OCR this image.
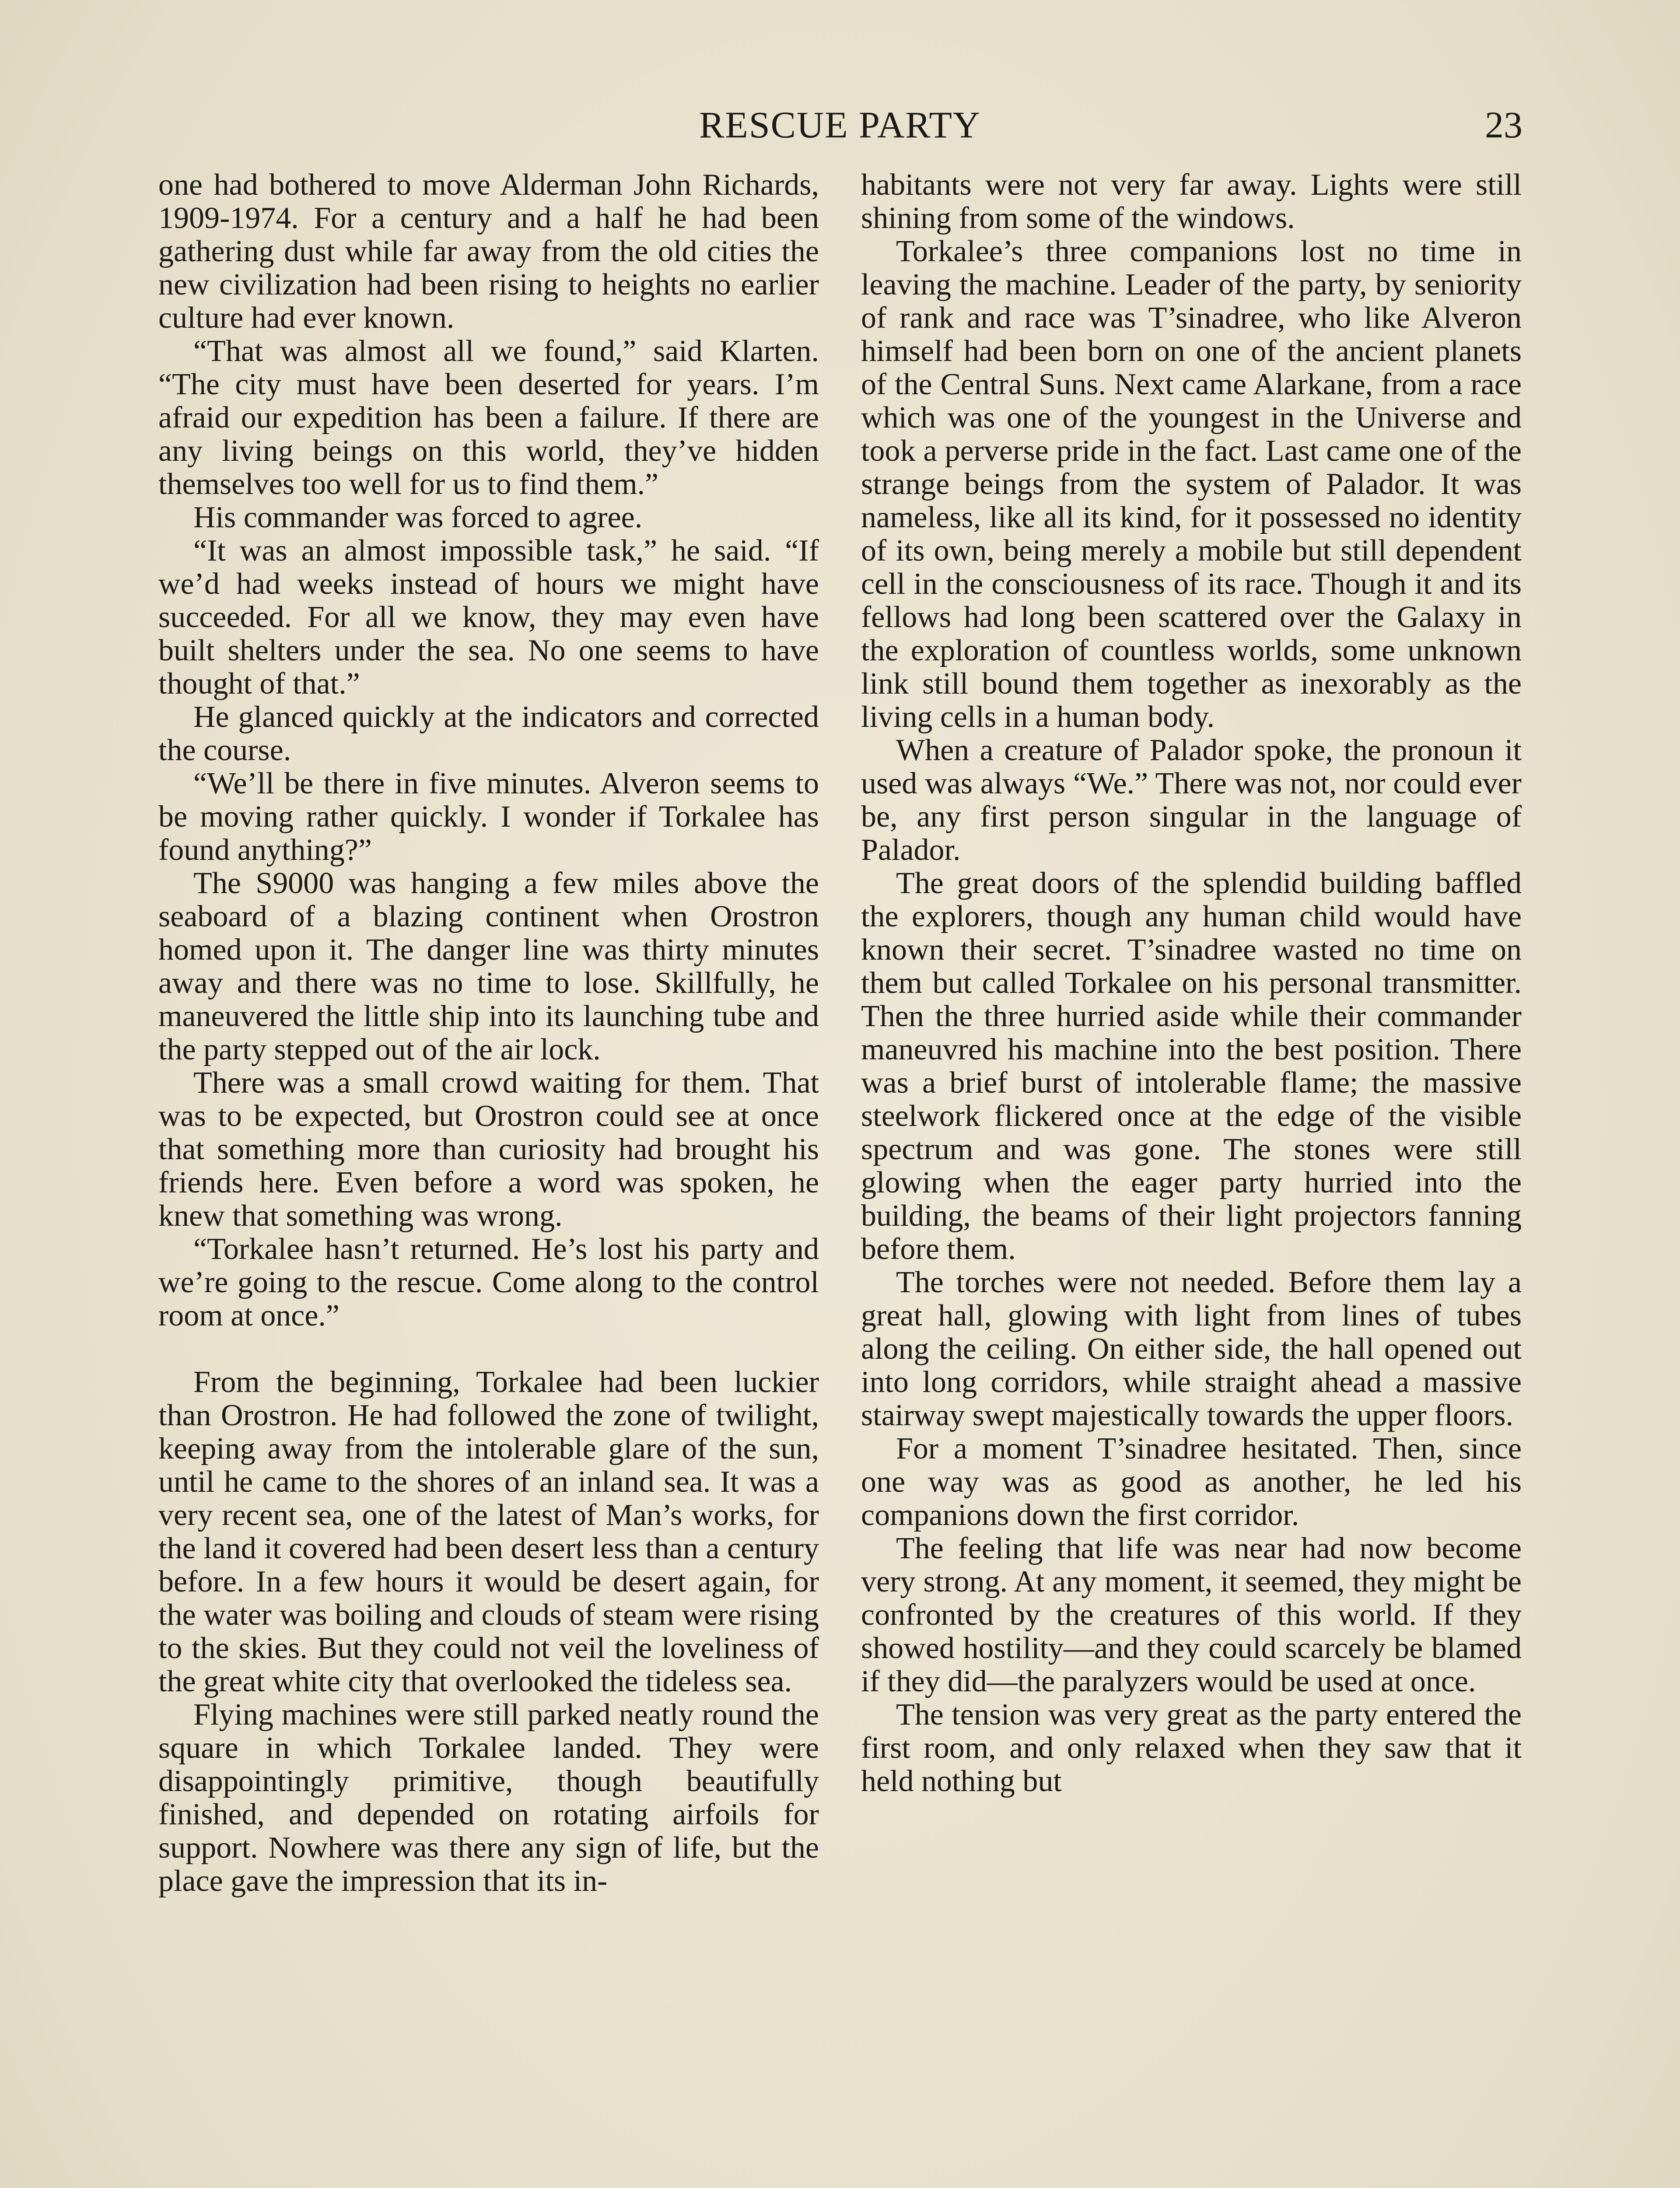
RESCUE PARTY	23

one had bothered to move Alderman John Richards, 1909-1974. For a century and a half he had been gathering dust while far away from the old cities the new civilization had been rising to heights no earlier culture had ever known.

“That was almost all we found,” said Klarten. “The city must have been deserted for years. I’m afraid our expedition has been a failure. If there are any living beings on this world, they’ve hidden themselves too well for us to find them.”

His commander was forced to agree.

“It was an almost impossible task,” he said. “If we’d had weeks instead of hours we might have succeeded. For all we know, they may even have built shelters under the sea. No one seems to have thought of that.”

He glanced quickly at the indicators and corrected the course.

“We’ll be there in five minutes. Alveron seems to be moving rather quickly. I wonder if Torkalee has found anything?”

The S9000 was hanging a few miles above the seaboard of a blazing continent when Orostron homed upon it. The danger line was thirty minutes away and there was no time to lose. Skillfully, he maneuvered the little ship into its launching tube and the party stepped out of the air lock.

There was a small crowd waiting for them. That was to be expected, but Orostron could see at once that something more than curiosity had brought his friends here. Even before a word was spoken, he knew that something was wrong.

“Torkalee hasn’t returned. He’s lost his party and we’re going to the rescue. Come along to the control room at once.”

From the beginning, Torkalee had been luckier than Orostron. He had followed the zone of twilight, keeping away from the intolerable glare of the sun, until he came to the shores of an inland sea. It was a very recent sea, one of the latest of Man’s works, for the land it covered had been desert less than a century before. In a few hours it would be desert again, for the water was boiling and clouds of steam were rising to the skies. But they could not veil the loveliness of the great white city that overlooked the tideless sea.

Flying machines were still parked neatly round the square in which Torkalee landed. They were disappointingly primitive, though beautifully finished, and depended on rotating airfoils for support. Nowhere was there any sign of life, but the place gave the impression that its in-

habitants were not very far away. Lights were still shining from some of the windows.

Torkalee’s three companions lost no time in leaving the machine. Leader of the party, by seniority of rank and race was T’sinadree, who like Alveron himself had been born on one of the ancient planets of the Central Suns. Next came Alarkane, from a race which was one of the youngest in the Universe and took a perverse pride in the fact. Last came one of the strange beings from the system of Palador. It was nameless, like all its kind, for it possessed no identity of its own, being merely a mobile but still dependent cell in the consciousness of its race. Though it and its fellows had long been scattered over the Galaxy in the exploration of countless worlds, some unknown link still bound them together as inexorably as the living cells in a human body.

When a creature of Palador spoke, the pronoun it used was always “We.” There was not, nor could ever be, any first person singular in the language of Palador.

The great doors of the splendid building baffled the explorers, though any human child would have known their secret. T’sinadree wasted no time on them but called Torkalee on his personal transmitter. Then the three hurried aside while their commander maneuvred his machine into the best position. There was a brief burst of intolerable flame; the massive steelwork flickered once at the edge of the visible spectrum and was gone. The stones were still glowing when the eager party hurried into the building, the beams of their light projectors fanning before them.

The torches were not needed. Before them lay a great hall, glowing with light from lines of tubes along the ceiling. On either side, the hall opened out into long corridors, while straight ahead a massive stairway swept majestically towards the upper floors.

For a moment T’sinadree hesitated. Then, since one way was as good as another, he led his companions down the first corridor.

The feeling that life was near had now become very strong. At any moment, it seemed, they might be confronted by the creatures of this world. If they showed hostility—and they could scarcely be blamed if they did—the paralyzers would be used at once.

The tension was very great as the party entered the first room, and only relaxed when they saw that it held nothing but
